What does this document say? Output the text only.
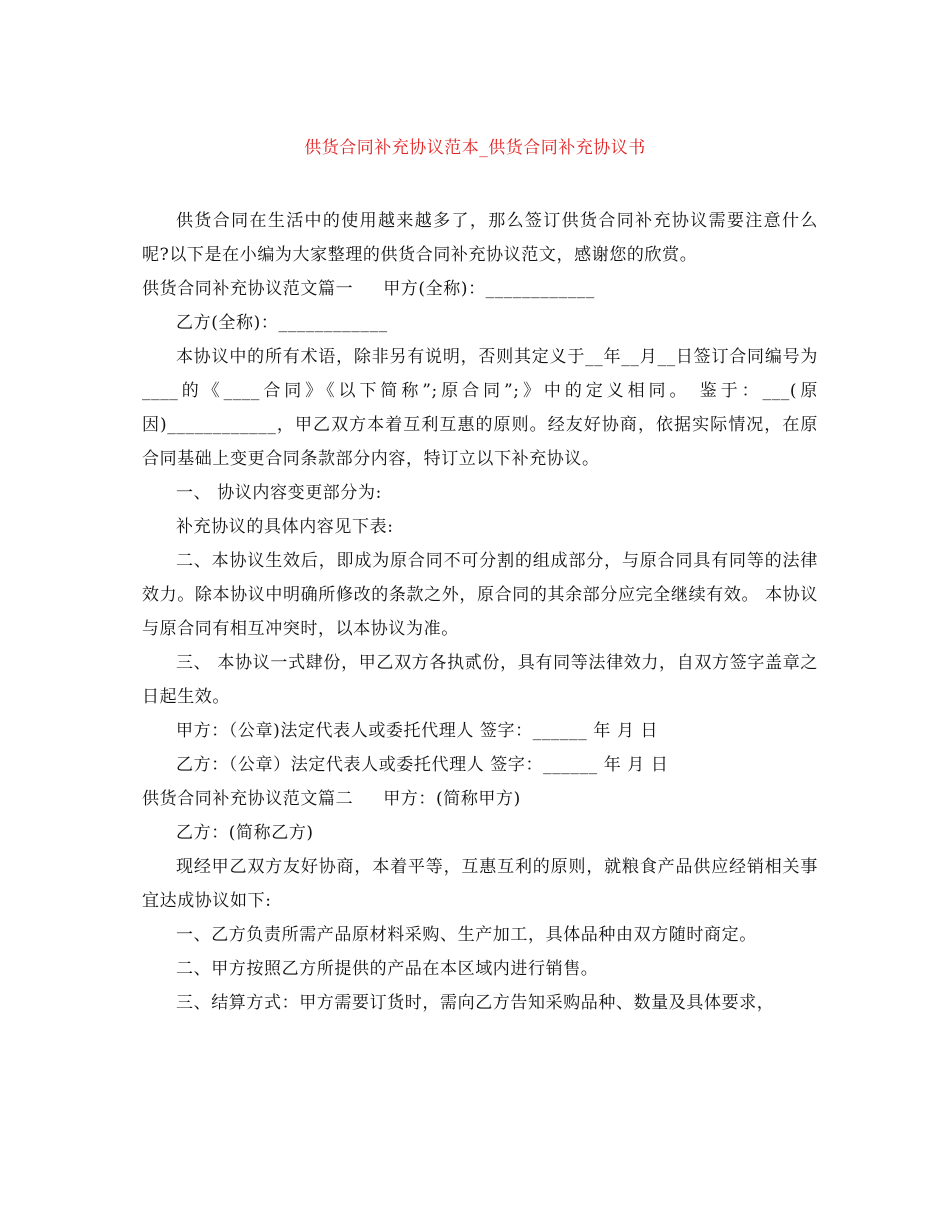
供货合同补充协议范本_供货合同补充协议书

供货合同在生活中的使用越来越多了，那么签订供货合同补充协议需要注意什么呢?以下是在小编为大家整理的供货合同补充协议范文，感谢您的欣赏。

供货合同补充协议范文篇一 甲方(全称)：____________

乙方(全称)：____________

本协议中的所有术语，除非另有说明，否则其定义于__年__月__日签订合同编号为____的《____合同》《以下简称”;原合同”;》中的定义相同。 鉴于：___(原因)____________，甲乙双方本着互利互惠的原则。经友好协商，依据实际情况，在原合同基础上变更合同条款部分内容，特订立以下补充协议。

一、 协议内容变更部分为:

补充协议的具体内容见下表:

二、本协议生效后，即成为原合同不可分割的组成部分，与原合同具有同等的法律效力。除本协议中明确所修改的条款之外，原合同的其余部分应完全继续有效。 本协议与原合同有相互冲突时，以本协议为准。

三、 本协议一式肆份，甲乙双方各执贰份，具有同等法律效力，自双方签字盖章之日起生效。

甲方：（公章)法定代表人或委托代理人 签字：______ 年 月 日

乙方：（公章）法定代表人或委托代理人 签字：______ 年 月 日

供货合同补充协议范文篇二 甲方：(简称甲方)

乙方：(简称乙方)

现经甲乙双方友好协商，本着平等，互惠互利的原则，就粮食产品供应经销相关事宜达成协议如下:

一、乙方负责所需产品原材料采购、生产加工，具体品种由双方随时商定。

二、甲方按照乙方所提供的产品在本区域内进行销售。

三、结算方式：甲方需要订货时，需向乙方告知采购品种、数量及具体要求，
